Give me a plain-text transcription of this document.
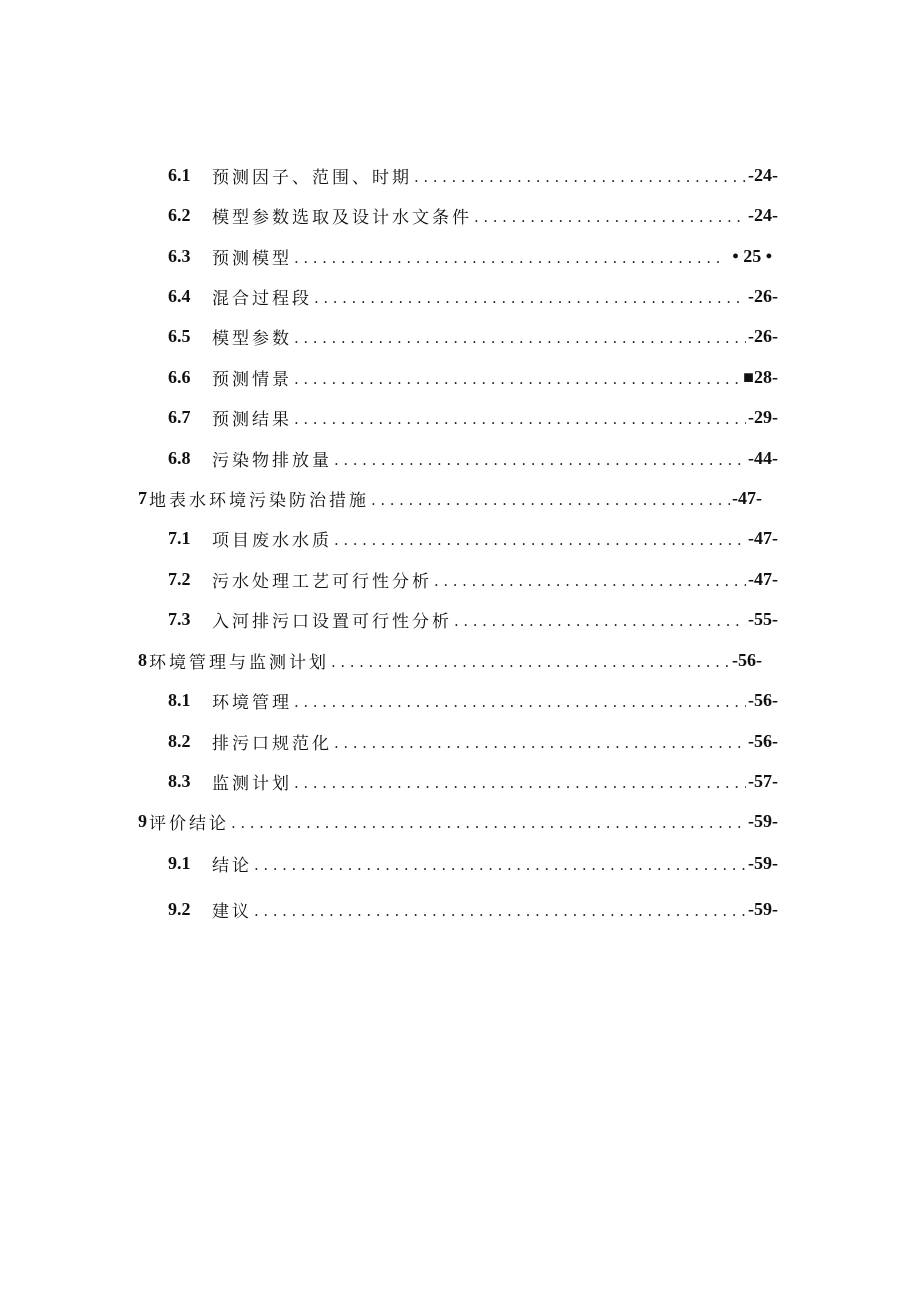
6.1	预测因子、范围、时期 .....	-24-
6.2	模型参数选取及设计水文条件 .....	-24-
6.3	预测模型 .....	• 25 •
6.4	混合过程段 .....	-26-
6.5	模型参数 .....	-26-
6.6	预测情景 .....	■28-
6.7	预测结果 .....	-29-
6.8	污染物排放量 .....	-44-
7 地表水环境污染防治措施 .....	-47-
7.1	项目废水水质 .....	-47-
7.2	污水处理工艺可行性分析 .....	-47-
7.3	入河排污口设置可行性分析 .....	-55-
8 环境管理与监测计划 .....	-56-
8.1	环境管理 .....	-56-
8.2	排污口规范化 .....	-56-
8.3	监测计划 .....	-57-
9 评价结论 .....	-59-
9.1	结论 .....	-59-
9.2	建议 .....	-59-
